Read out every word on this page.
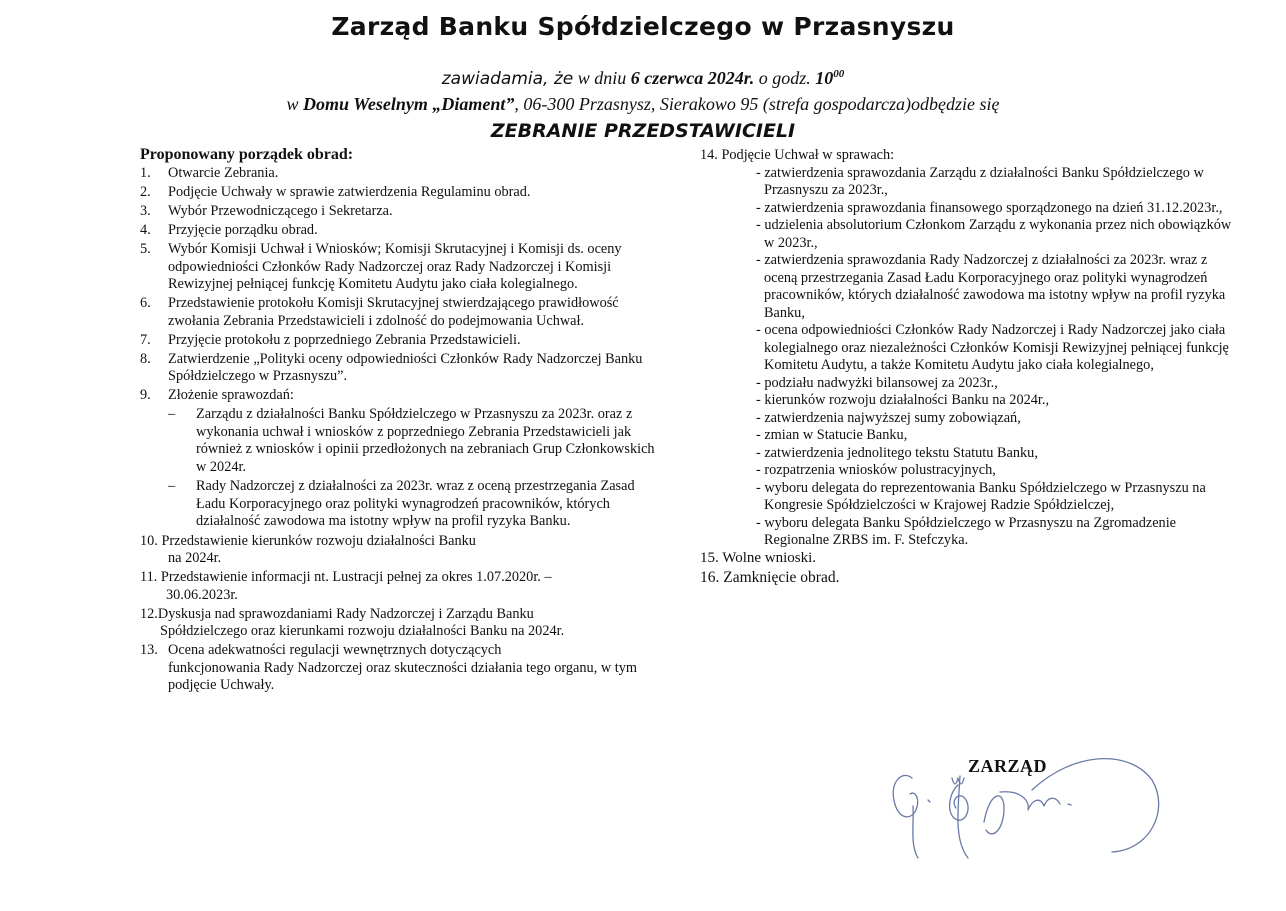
Zarząd Banku Spółdzielczego w Przasnyszu
zawiadamia, że w dniu 6 czerwca 2024r. o godz. $10^{00}$
w Domu Weselnym „Diament”, 06-300 Przasnysz, Sierakowo 95 (strefa gospodarcza)odbędzie się
ZEBRANIE PRZEDSTAWICIELI
Proponowany porządek obrad:
1. Otwarcie Zebrania.
2. Podjęcie Uchwały w sprawie zatwierdzenia Regulaminu obrad.
3. Wybór Przewodniczącego i Sekretarza.
4. Przyjęcie porządku obrad.
5. Wybór Komisji Uchwał i Wniosków; Komisji Skrutacyjnej i Komisji ds. oceny odpowiedniości Członków Rady Nadzorczej oraz Rady Nadzorczej i Komisji Rewizyjnej pełniącej funkcję Komitetu Audytu jako ciała kolegialnego.
6. Przedstawienie protokołu Komisji Skrutacyjnej stwierdzającego prawidłowość zwołania Zebrania Przedstawicieli i zdolność do podejmowania Uchwał.
7. Przyjęcie protokołu z poprzedniego Zebrania Przedstawicieli.
8. Zatwierdzenie „Polityki oceny odpowiedniości Członków Rady Nadzorczej Banku Spółdzielczego w Przasnyszu”.
9. Złożenie sprawozdań:
– Zarządu z działalności Banku Spółdzielczego w Przasnyszu za 2023r. oraz z wykonania uchwał i wniosków z poprzedniego Zebrania Przedstawicieli jak również z wniosków i opinii przedłożonych na zebraniach Grup Członkowskich w 2024r.
– Rady Nadzorczej z działalności za 2023r. wraz z oceną przestrzegania Zasad Ładu Korporacyjnego oraz polityki wynagrodzeń pracowników, których działalność zawodowa ma istotny wpływ na profil ryzyka Banku.
10. Przedstawienie kierunków rozwoju działalności Banku
na 2024r.
11. Przedstawienie informacji nt. Lustracji pełnej za okres 1.07.2020r. –
30.06.2023r.
12.Dyskusja nad sprawozdaniami Rady Nadzorczej i Zarządu Banku
Spółdzielczego oraz kierunkami rozwoju działalności Banku na 2024r.
13. Ocena adekwatności regulacji wewnętrznych dotyczących
funkcjonowania Rady Nadzorczej oraz skuteczności działania tego organu, w tym podjęcie Uchwały.
14. Podjęcie Uchwał w sprawach:
- zatwierdzenia sprawozdania Zarządu z działalności Banku Spółdzielczego w Przasnyszu za 2023r.,
- zatwierdzenia sprawozdania finansowego sporządzonego na dzień 31.12.2023r.,
- udzielenia absolutorium Członkom Zarządu z wykonania przez nich obowiązków w 2023r.,
- zatwierdzenia sprawozdania Rady Nadzorczej z działalności za 2023r. wraz z oceną przestrzegania Zasad Ładu Korporacyjnego oraz polityki wynagrodzeń pracowników, których działalność zawodowa ma istotny wpływ na profil ryzyka Banku,
- ocena odpowiedniości Członków Rady Nadzorczej i Rady Nadzorczej jako ciała kolegialnego oraz niezależności Członków Komisji Rewizyjnej pełniącej funkcję Komitetu Audytu, a także Komitetu Audytu jako ciała kolegialnego,
- podziału nadwyżki bilansowej za 2023r.,
- kierunków rozwoju działalności Banku na 2024r.,
- zatwierdzenia najwyższej sumy zobowiązań,
- zmian w Statucie Banku,
- zatwierdzenia jednolitego tekstu Statutu Banku,
- rozpatrzenia wniosków polustracyjnych,
- wyboru delegata do reprezentowania Banku Spółdzielczego w Przasnyszu na Kongresie Spółdzielczości w Krajowej Radzie Spółdzielczej,
- wyboru delegata Banku Spółdzielczego w Przasnyszu na Zgromadzenie Regionalne ZRBS im. F. Stefczyka.
15. Wolne wnioski.
16. Zamknięcie obrad.
ZARZĄD
